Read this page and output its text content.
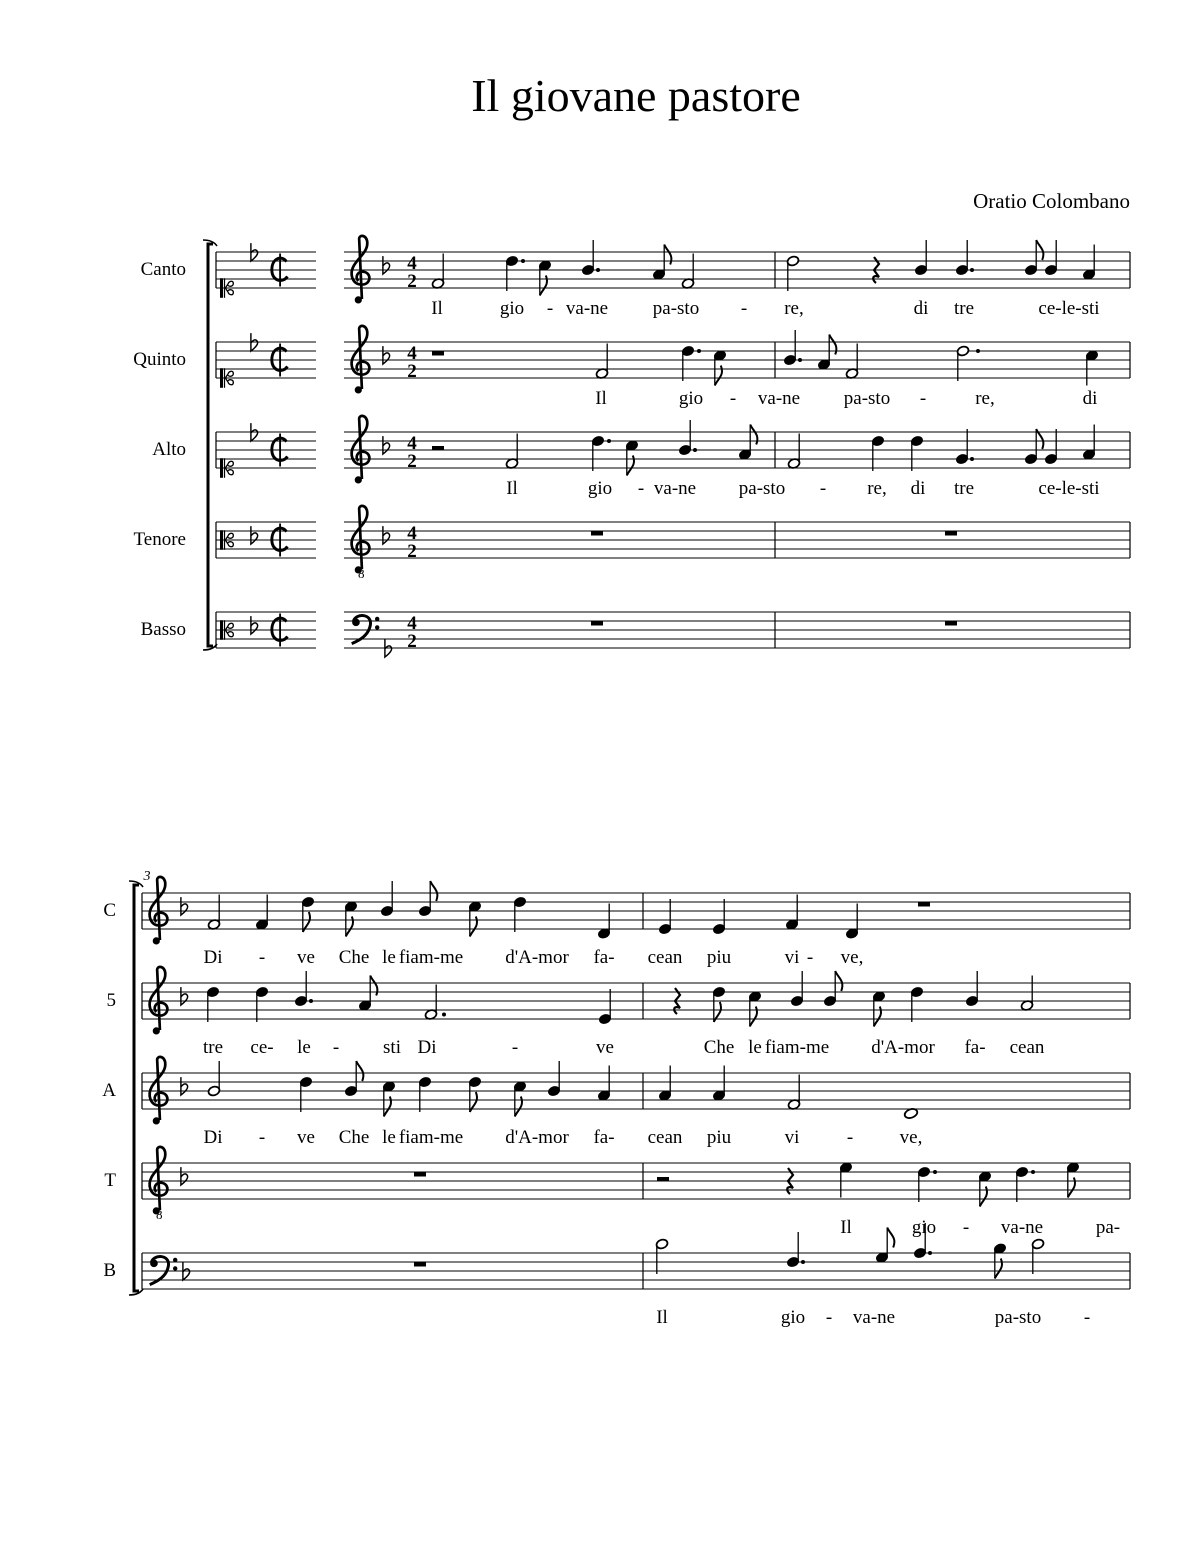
Il giovane pastore
Oratio Colombano
Canto	4
2
Quinto	4
2
Alto	4
2
Tenore
8
4
2
Basso	4
2
Il	gio - va-ne pa-sto - re,	di tre	ce-le-sti
Il	gio - va-ne pa-sto -	re,	di
Il	gio - va-ne pa-sto - re, di tre	ce-le-sti
3
C
5
A
T
8
B
Di - ve Che le fiam-me d'A-mor fa- cean piu	vi - ve,
tre ce- le - sti Di	-	ve	Che le fiam-me d'A-mor fa- cean
Di - ve Che le fiam-me d'A-mor fa- cean piu	vi - ve,
Il	gio - va-ne	pa-
Il	gio - va-ne	pa-sto -
